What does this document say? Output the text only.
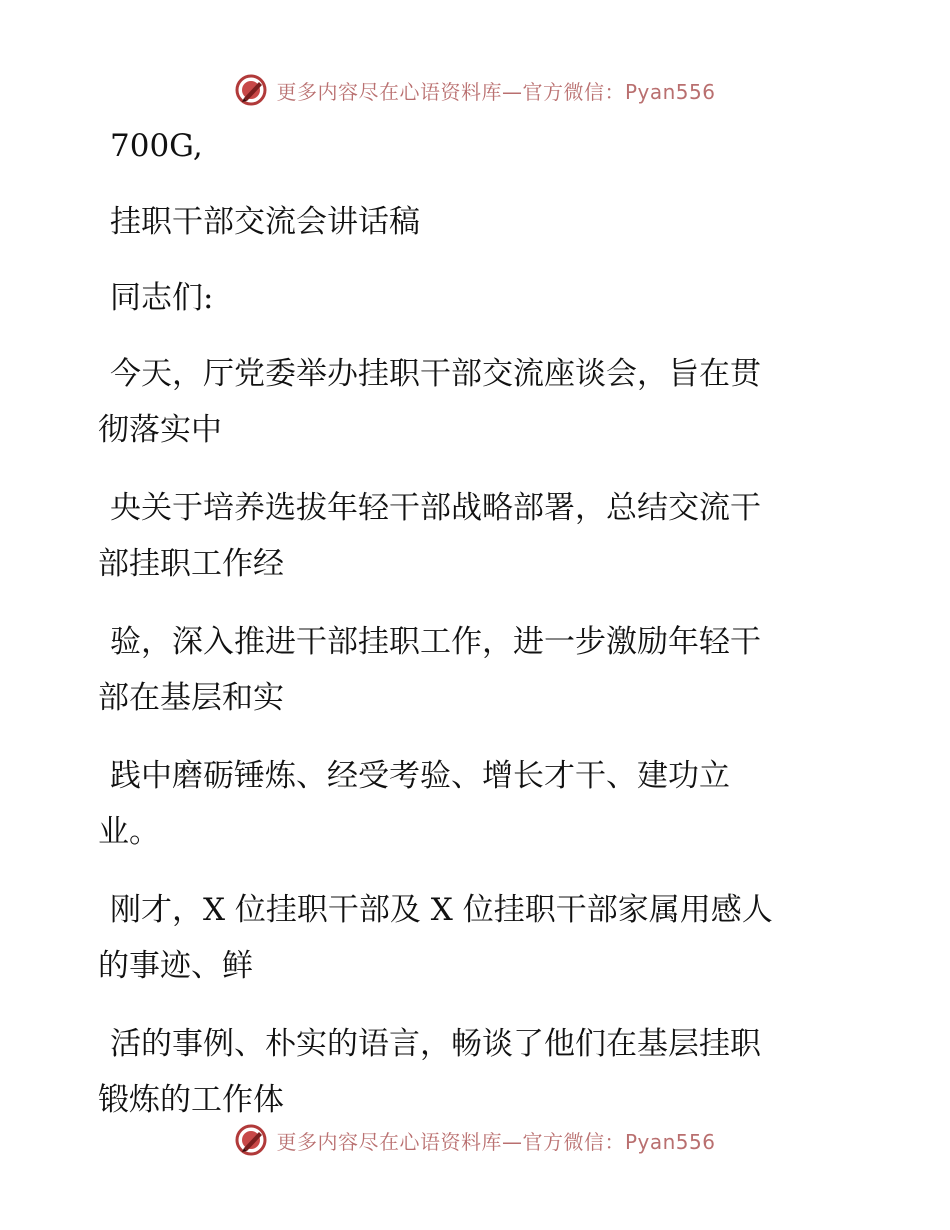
更多内容尽在心语资料库—官方微信：Pyan556

700G,

挂职干部交流会讲话稿

同志们:

今天，厅党委举办挂职干部交流座谈会，旨在贯
彻落实中

央关于培养选拔年轻干部战略部署，总结交流干
部挂职工作经

验，深入推进干部挂职工作，进一步激励年轻干
部在基层和实

践中磨砺锤炼、经受考验、增长才干、建功立
业。

刚才，X 位挂职干部及 X 位挂职干部家属用感人
的事迹、鲜

活的事例、朴实的语言，畅谈了他们在基层挂职
锻炼的工作体

更多内容尽在心语资料库—官方微信：Pyan556
